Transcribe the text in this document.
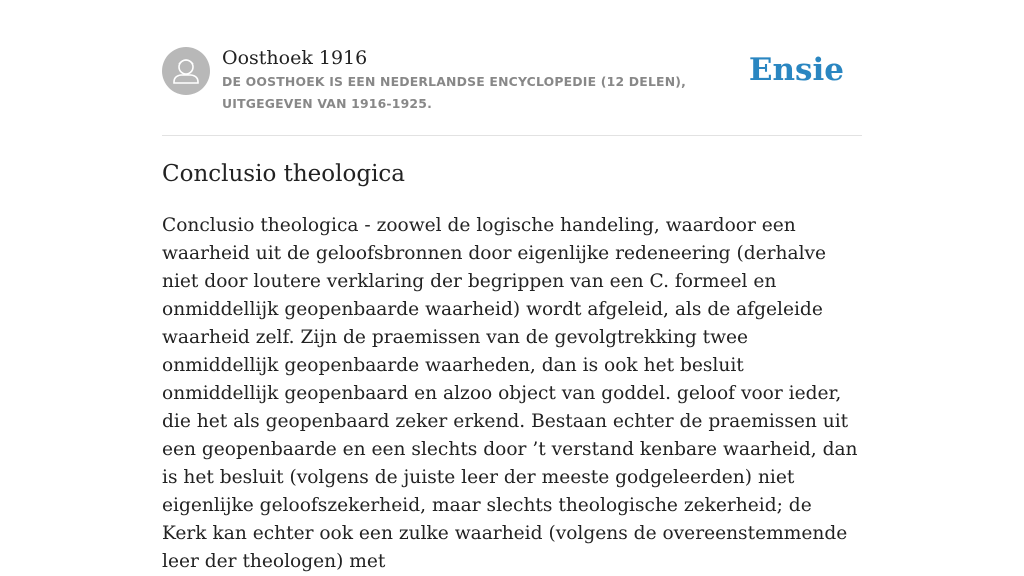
Oosthoek 1916
DE OOSTHOEK IS EEN NEDERLANDSE ENCYCLOPEDIE (12 DELEN), UITGEGEVEN VAN 1916-1925.
Ensie
Conclusio theologica

Conclusio theologica - zoowel de logische handeling, waardoor een waarheid uit de geloofsbronnen door eigenlijke redeneering (derhalve niet door loutere verklaring der begrippen van een C. formeel en onmiddellijk geopenbaarde waarheid) wordt afgeleid, als de afgeleide waarheid zelf. Zijn de praemissen van de gevolgtrekking twee onmiddellijk geopenbaarde waarheden, dan is ook het besluit onmiddellijk geopenbaard en alzoo object van goddel. geloof voor ieder, die het als geopenbaard zeker erkend. Bestaan echter de praemissen uit een geopenbaarde en een slechts door ’t verstand kenbare waarheid, dan is het besluit (volgens de juiste leer der meeste godgeleerden) niet eigenlijke geloofszekerheid, maar slechts theologische zekerheid; de Kerk kan echter ook een zulke waarheid (volgens de overeenstemmende leer der theologen) met
